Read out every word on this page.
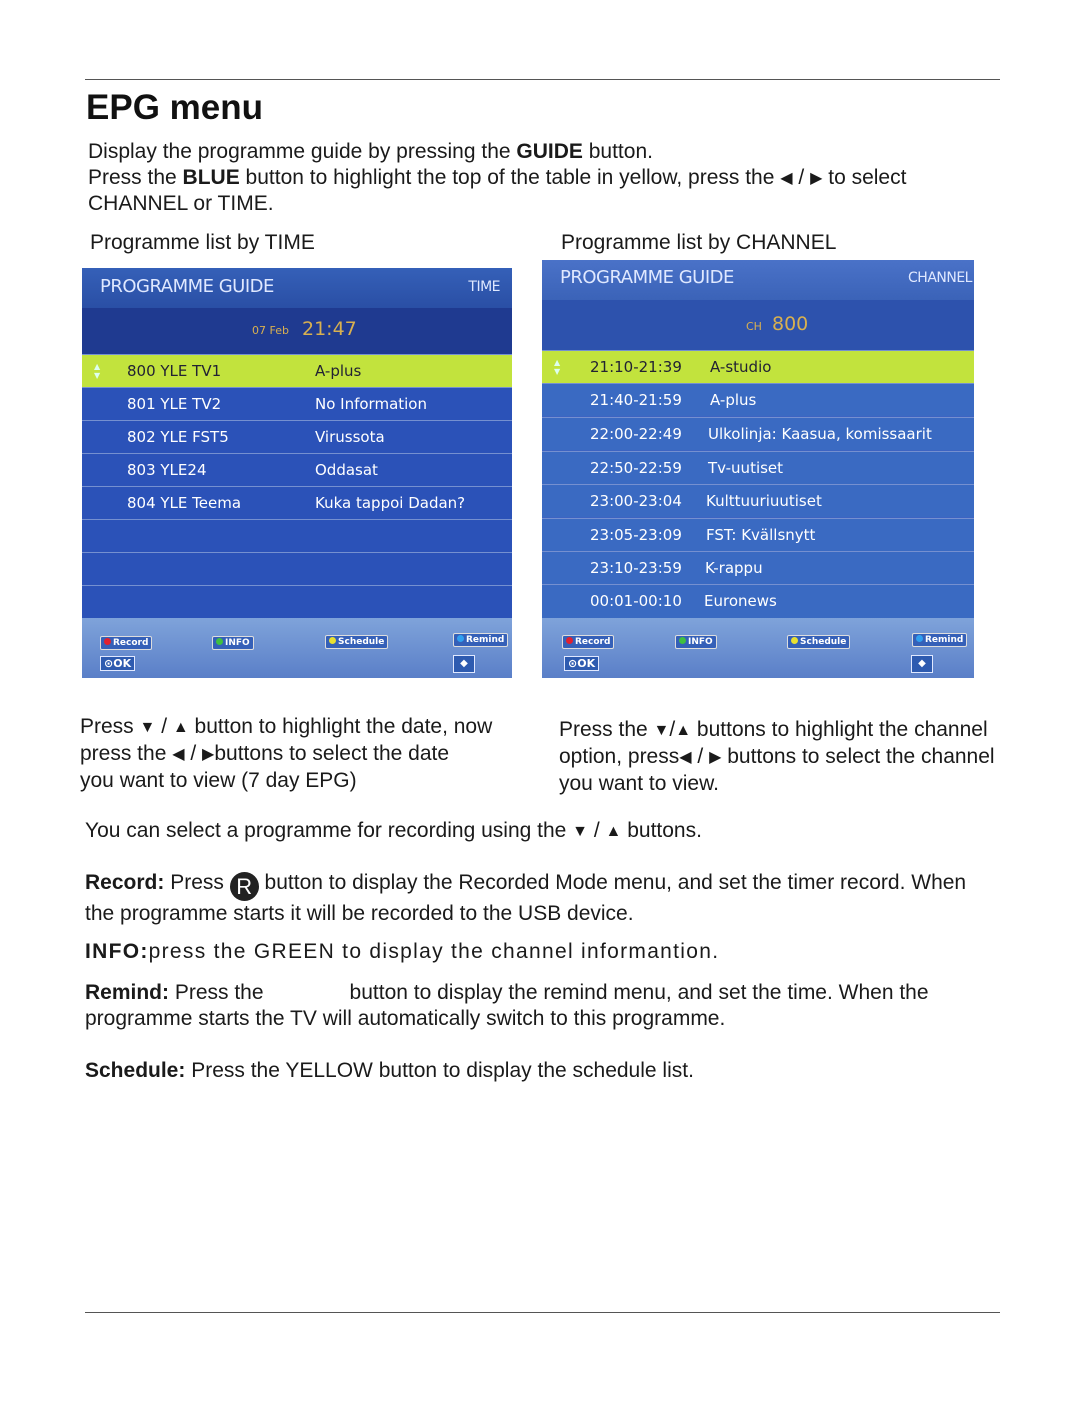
EPG menu
Display the programme guide by pressing the GUIDE button.
Press the BLUE button to highlight the top of the table in yellow, press the ◀ / ▶ to select
CHANNEL or TIME.
Programme list by TIME	Programme list by CHANNEL
PROGRAMME GUIDE	TIME
07 Feb 21:47
▲
▼ 800 YLE TV1	A-plus
801 YLE TV2	No Information
802 YLE FST5	Virussota
803 YLE24	Oddasat
804 YLE Teema	Kuka tappoi Dadan?
Record	INFO	Schedule	Remind
⊙OK	◆
PROGRAMME GUIDE	CHANNEL
CH 800
▲
▼ 21:10-21:39 A-studio
21:40-21:59 A-plus
22:00-22:49 Ulkolinja: Kaasua, komissaarit
22:50-22:59 Tv-uutiset
23:00-23:04 Kulttuuriuutiset
23:05-23:09 FST: Kvällsnytt
23:10-23:59 K-rappu
00:01-00:10 Euronews
Record	INFO	Schedule	Remind
⊙OK	◆
Press ▼ / ▲ button to highlight the date, now
press the ◀ / ▶buttons to select the date
you want to view (7 day EPG)
Press the ▼/▲ buttons to highlight the channel
option, press◀ / ▶ buttons to select the channel
you want to view.
You can select a programme for recording using the ▼ / ▲ buttons.
Record: Press R button to display the Recorded Mode menu, and set the timer record. When
the programme starts it will be recorded to the USB device.
INFO:press the GREEN to display the channel informantion.
Remind: Press the	button to display the remind menu, and set the time. When the
programme starts the TV will automatically switch to this programme.
Schedule: Press the YELLOW button to display the schedule list.
